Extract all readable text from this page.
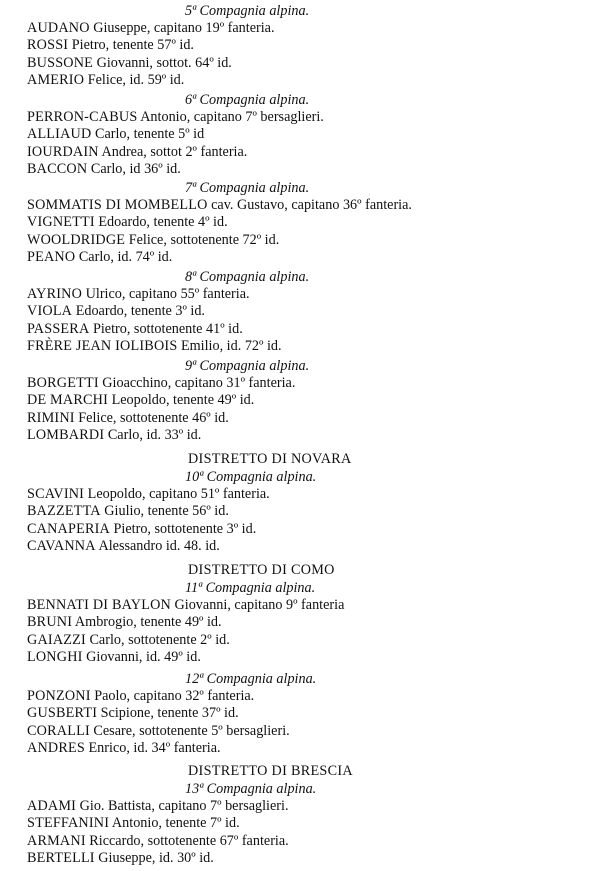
5ª Compagnia alpina.
AUDANO Giuseppe, capitano 19º fanteria.
ROSSI Pietro, tenente 57º id.
BUSSONE Giovanni, sottot. 64º id.
AMERIO Felice, id. 59º id.
6ª Compagnia alpina.
PERRON-CABUS Antonio, capitano 7º bersaglieri.
ALLIAUD Carlo, tenente 5º id
IOURDAIN Andrea, sottot 2º fanteria.
BACCON Carlo, id 36º id.
7ª Compagnia alpina.
SOMMATIS DI MOMBELLO cav. Gustavo, capitano 36º fanteria.
VIGNETTI Edoardo, tenente 4º id.
WOOLDRIDGE Felice, sottotenente 72º id.
PEANO Carlo, id. 74º id.
8ª Compagnia alpina.
AYRINO Ulrico, capitano 55º fanteria.
VIOLA Edoardo, tenente 3º id.
PASSERA Pietro, sottotenente 41º id.
FRÈRE JEAN IOLIBOIS Emilio, id. 72º id.
9ª Compagnia alpina.
BORGETTI Gioacchino, capitano 31º fanteria.
DE MARCHI Leopoldo, tenente 49º id.
RIMINI Felice, sottotenente 46º id.
LOMBARDI Carlo, id. 33º id.
DISTRETTO DI NOVARA
10ª Compagnia alpina.
SCAVINI Leopoldo, capitano 51º fanteria.
BAZZETTA Giulio, tenente 56º id.
CANAPERIA Pietro, sottotenente 3º id.
CAVANNA Alessandro id. 48. id.
DISTRETTO DI COMO
11ª Compagnia alpina.
BENNATI DI BAYLON Giovanni, capitano 9º fanteria
BRUNI Ambrogio, tenente 49º id.
GAIAZZI Carlo, sottotenente 2º id.
LONGHI Giovanni, id. 49º id.
12ª Compagnia alpina.
PONZONI Paolo, capitano 32º fanteria.
GUSBERTI Scipione, tenente 37º id.
CORALLI Cesare, sottotenente 5º bersaglieri.
ANDRES Enrico, id. 34º fanteria.
DISTRETTO DI BRESCIA
13ª Compagnia alpina.
ADAMI Gio. Battista, capitano 7º bersaglieri.
STEFFANINI Antonio, tenente 7º id.
ARMANI Riccardo, sottotenente 67º fanteria.
BERTELLI Giuseppe, id. 30º id.
